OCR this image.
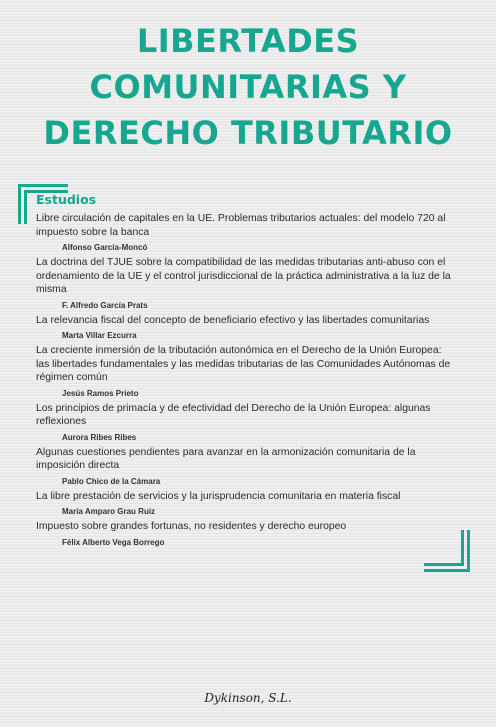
LIBERTADES
COMUNITARIAS Y
DERECHO TRIBUTARIO
Estudios
Libre circulación de capitales en la UE. Problemas tributarios actuales: del modelo 720 al impuesto sobre la banca
Alfonso García-Moncó
La doctrina del TJUE sobre la compatibilidad de las medidas tributarias anti-abuso con el ordenamiento de la UE y el control jurisdiccional de la práctica administrativa a la luz de la misma
F. Alfredo García Prats
La relevancia fiscal del concepto de beneficiario efectivo y las libertades comunitarias
Marta Villar Ezcurra
La creciente inmersión de la tributación autonómica en el Derecho de la Unión Europea: las libertades fundamentales y las medidas tributarias de las Comunidades Autónomas de régimen común
Jesús Ramos Prieto
Los principios de primacía y de efectividad del Derecho de la Unión Europea: algunas reflexiones
Aurora Ribes Ribes
Algunas cuestiones pendientes para avanzar en la armonización comunitaria de la imposición directa
Pablo Chico de la Cámara
La libre prestación de servicios y la jurisprudencia comunitaria en materia fiscal
María Amparo Grau Ruiz
Impuesto sobre grandes fortunas, no residentes y derecho europeo
Félix Alberto Vega Borrego
Dykinson, S.L.
